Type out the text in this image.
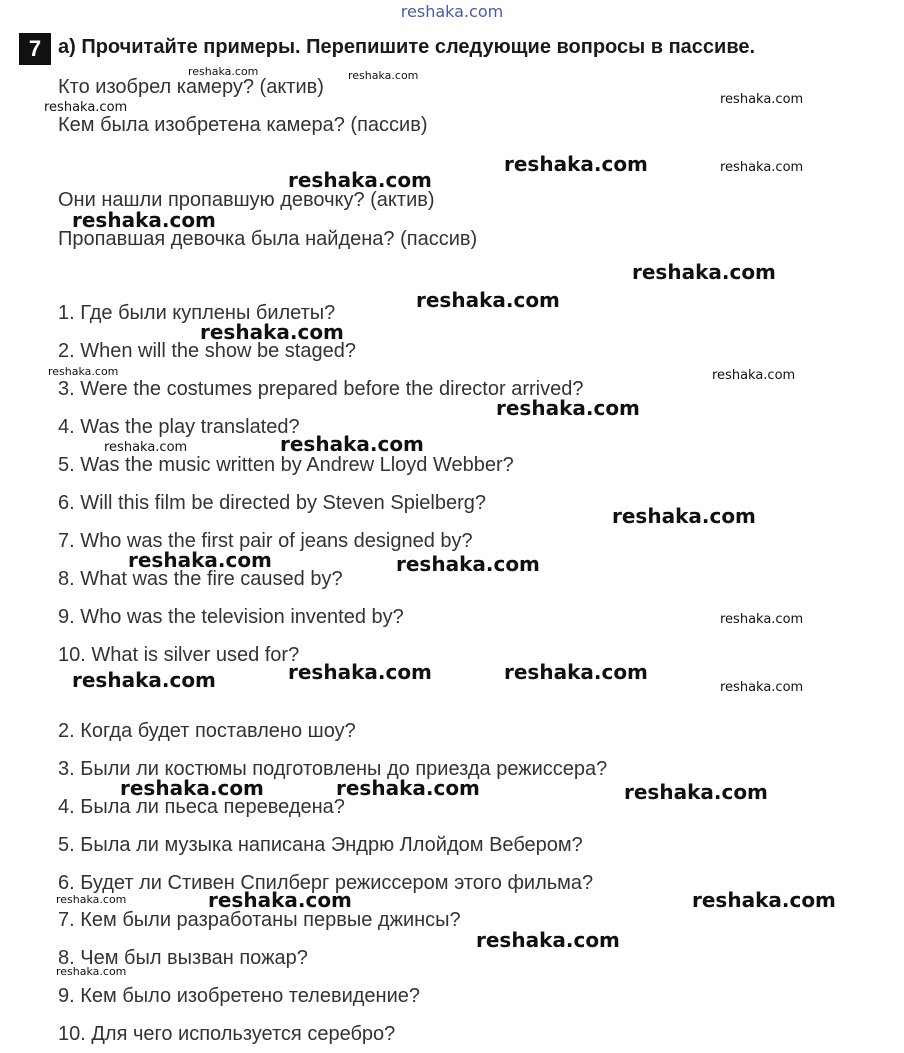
reshaka.com
7 a) Прочитайте примеры. Перепишите следующие вопросы в пассиве.
Кто изобрел камеру? (актив)
Кем была изобретена камера? (пассив)
Они нашли пропавшую девочку? (актив)
Пропавшая девочка была найдена? (пассив)
1. Где были куплены билеты?
2. When will the show be staged?
3. Were the costumes prepared before the director arrived?
4. Was the play translated?
5. Was the music written by Andrew Lloyd Webber?
6. Will this film be directed by Steven Spielberg?
7. Who was the first pair of jeans designed by?
8. What was the fire caused by?
9. Who was the television invented by?
10. What is silver used for?
2. Когда будет поставлено шоу?
3. Были ли костюмы подготовлены до приезда режиссера?
4. Была ли пьеса переведена?
5. Была ли музыка написана Эндрю Ллойдом Вебером?
6. Будет ли Стивен Спилберг режиссером этого фильма?
7. Кем были разработаны первые джинсы?
8. Чем был вызван пожар?
9. Кем было изобретено телевидение?
10. Для чего используется серебро?
reshaka.com
reshaka.com
reshaka.com
reshaka.com
reshaka.com
reshaka.com
reshaka.com
reshaka.com
reshaka.com
reshaka.com	reshaka.com
reshaka.com	reshaka.com
reshaka.com
reshaka.com	reshaka.com	reshaka.com
reshaka.com	reshaka.com
reshaka.com
reshaka.com
reshaka.com
reshaka.com
reshaka.com
reshaka.com
reshaka.com
reshaka.com
reshaka.com	reshaka.com
reshaka.com
reshaka.com
reshaka.com
